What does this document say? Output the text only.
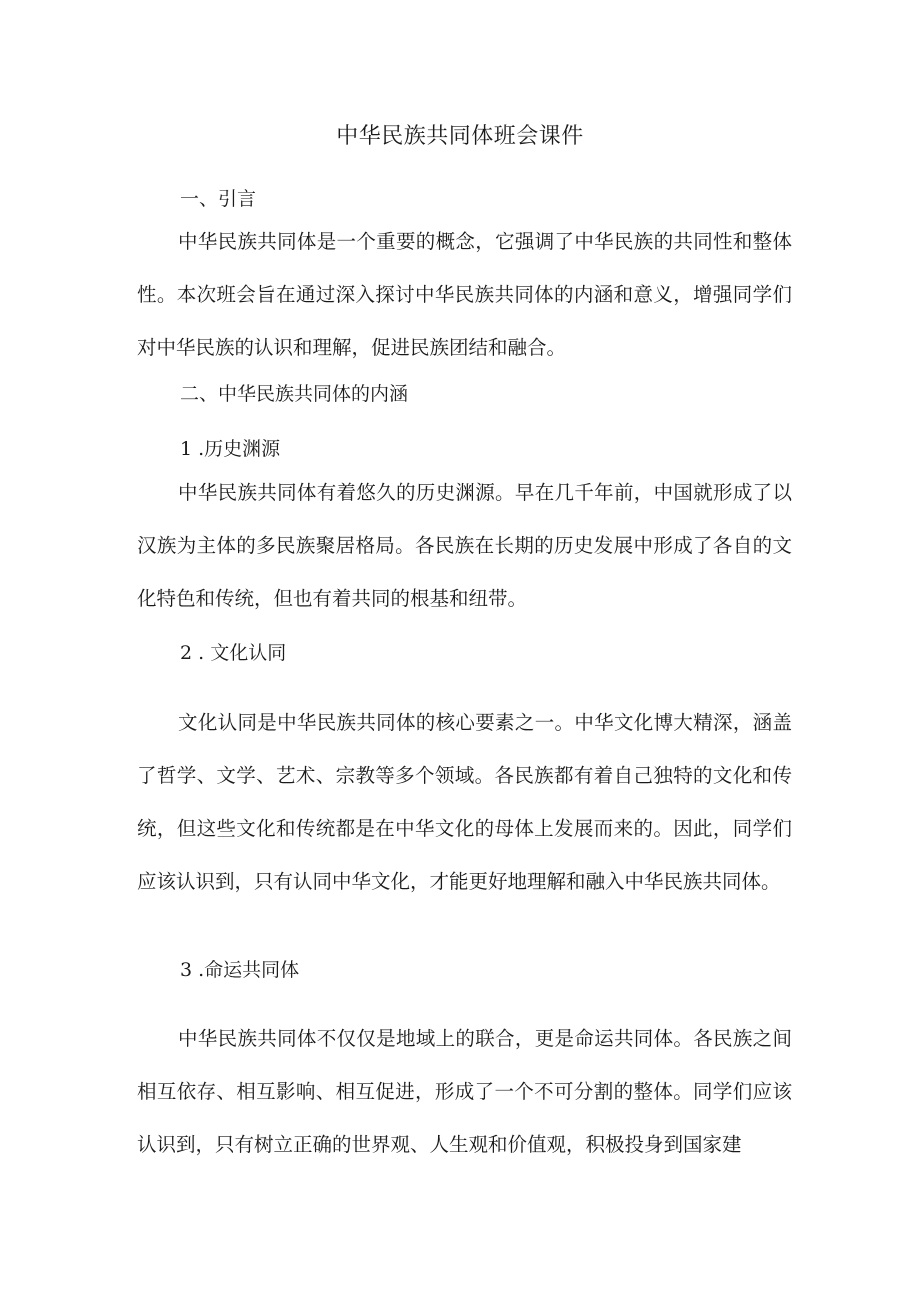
中华民族共同体班会课件
一、引言

中华民族共同体是一个重要的概念，它强调了中华民族的共同性和整体性。本次班会旨在通过深入探讨中华民族共同体的内涵和意义，增强同学们对中华民族的认识和理解，促进民族团结和融合。

二、中华民族共同体的内涵
1 .历史渊源

中华民族共同体有着悠久的历史渊源。早在几千年前，中国就形成了以汉族为主体的多民族聚居格局。各民族在长期的历史发展中形成了各自的文化特色和传统，但也有着共同的根基和纽带。

2 . 文化认同

文化认同是中华民族共同体的核心要素之一。中华文化博大精深，涵盖了哲学、文学、艺术、宗教等多个领域。各民族都有着自己独特的文化和传统，但这些文化和传统都是在中华文化的母体上发展而来的。因此，同学们应该认识到，只有认同中华文化，才能更好地理解和融入中华民族共同体。

3 .命运共同体

中华民族共同体不仅仅是地域上的联合，更是命运共同体。各民族之间相互依存、相互影响、相互促进，形成了一个不可分割的整体。同学们应该认识到，只有树立正确的世界观、人生观和价值观，积极投身到国家建
